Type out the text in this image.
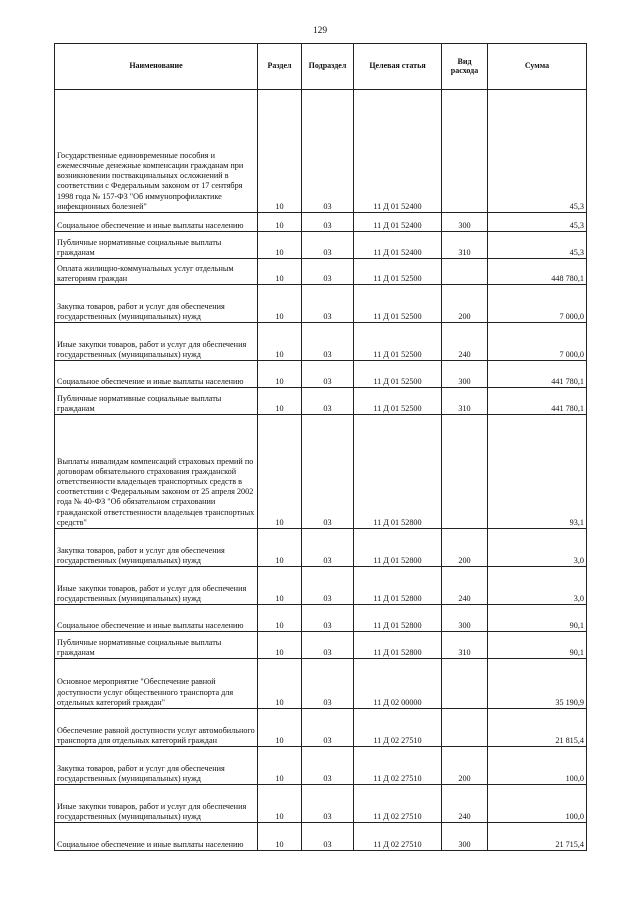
129
Наименование	Раздел	Подраздел	Целевая статья	Вид расхода	Сумма
Государственные единовременные пособия и ежемесячные денежные компенсации гражданам при возникновении поствакцинальных осложнений в соответствии с Федеральным законом от 17 сентября 1998 года № 157-ФЗ "Об иммунопрофилактике инфекционных болезней"	10	03	11 Д 01 52400		45,3
Социальное обеспечение и иные выплаты населению	10	03	11 Д 01 52400	300	45,3
Публичные нормативные социальные выплаты гражданам	10	03	11 Д 01 52400	310	45,3
Оплата жилищно-коммунальных услуг отдельным категориям граждан	10	03	11 Д 01 52500		448 780,1
Закупка товаров, работ и услуг для обеспечения государственных (муниципальных) нужд	10	03	11 Д 01 52500	200	7 000,0
Иные закупки товаров, работ и услуг для обеспечения государственных (муниципальных) нужд	10	03	11 Д 01 52500	240	7 000,0
Социальное обеспечение и иные выплаты населению	10	03	11 Д 01 52500	300	441 780,1
Публичные нормативные социальные выплаты гражданам	10	03	11 Д 01 52500	310	441 780,1
Выплаты инвалидам компенсаций страховых премий по договорам обязательного страхования гражданской ответственности владельцев транспортных средств в соответствии с Федеральным законом от 25 апреля 2002 года № 40-ФЗ "Об обязательном страховании гражданской ответственности владельцев транспортных средств"	10	03	11 Д 01 52800		93,1
Закупка товаров, работ и услуг для обеспечения государственных (муниципальных) нужд	10	03	11 Д 01 52800	200	3,0
Иные закупки товаров, работ и услуг для обеспечения государственных (муниципальных) нужд	10	03	11 Д 01 52800	240	3,0
Социальное обеспечение и иные выплаты населению	10	03	11 Д 01 52800	300	90,1
Публичные нормативные социальные выплаты гражданам	10	03	11 Д 01 52800	310	90,1
Основное мероприятие "Обеспечение равной доступности услуг общественного транспорта для отдельных категорий граждан"	10	03	11 Д 02 00000		35 190,9
Обеспечение равной доступности услуг автомобильного транспорта для отдельных категорий граждан	10	03	11 Д 02 27510		21 815,4
Закупка товаров, работ и услуг для обеспечения государственных (муниципальных) нужд	10	03	11 Д 02 27510	200	100,0
Иные закупки товаров, работ и услуг для обеспечения государственных (муниципальных) нужд	10	03	11 Д 02 27510	240	100,0
Социальное обеспечение и иные выплаты населению	10	03	11 Д 02 27510	300	21 715,4
